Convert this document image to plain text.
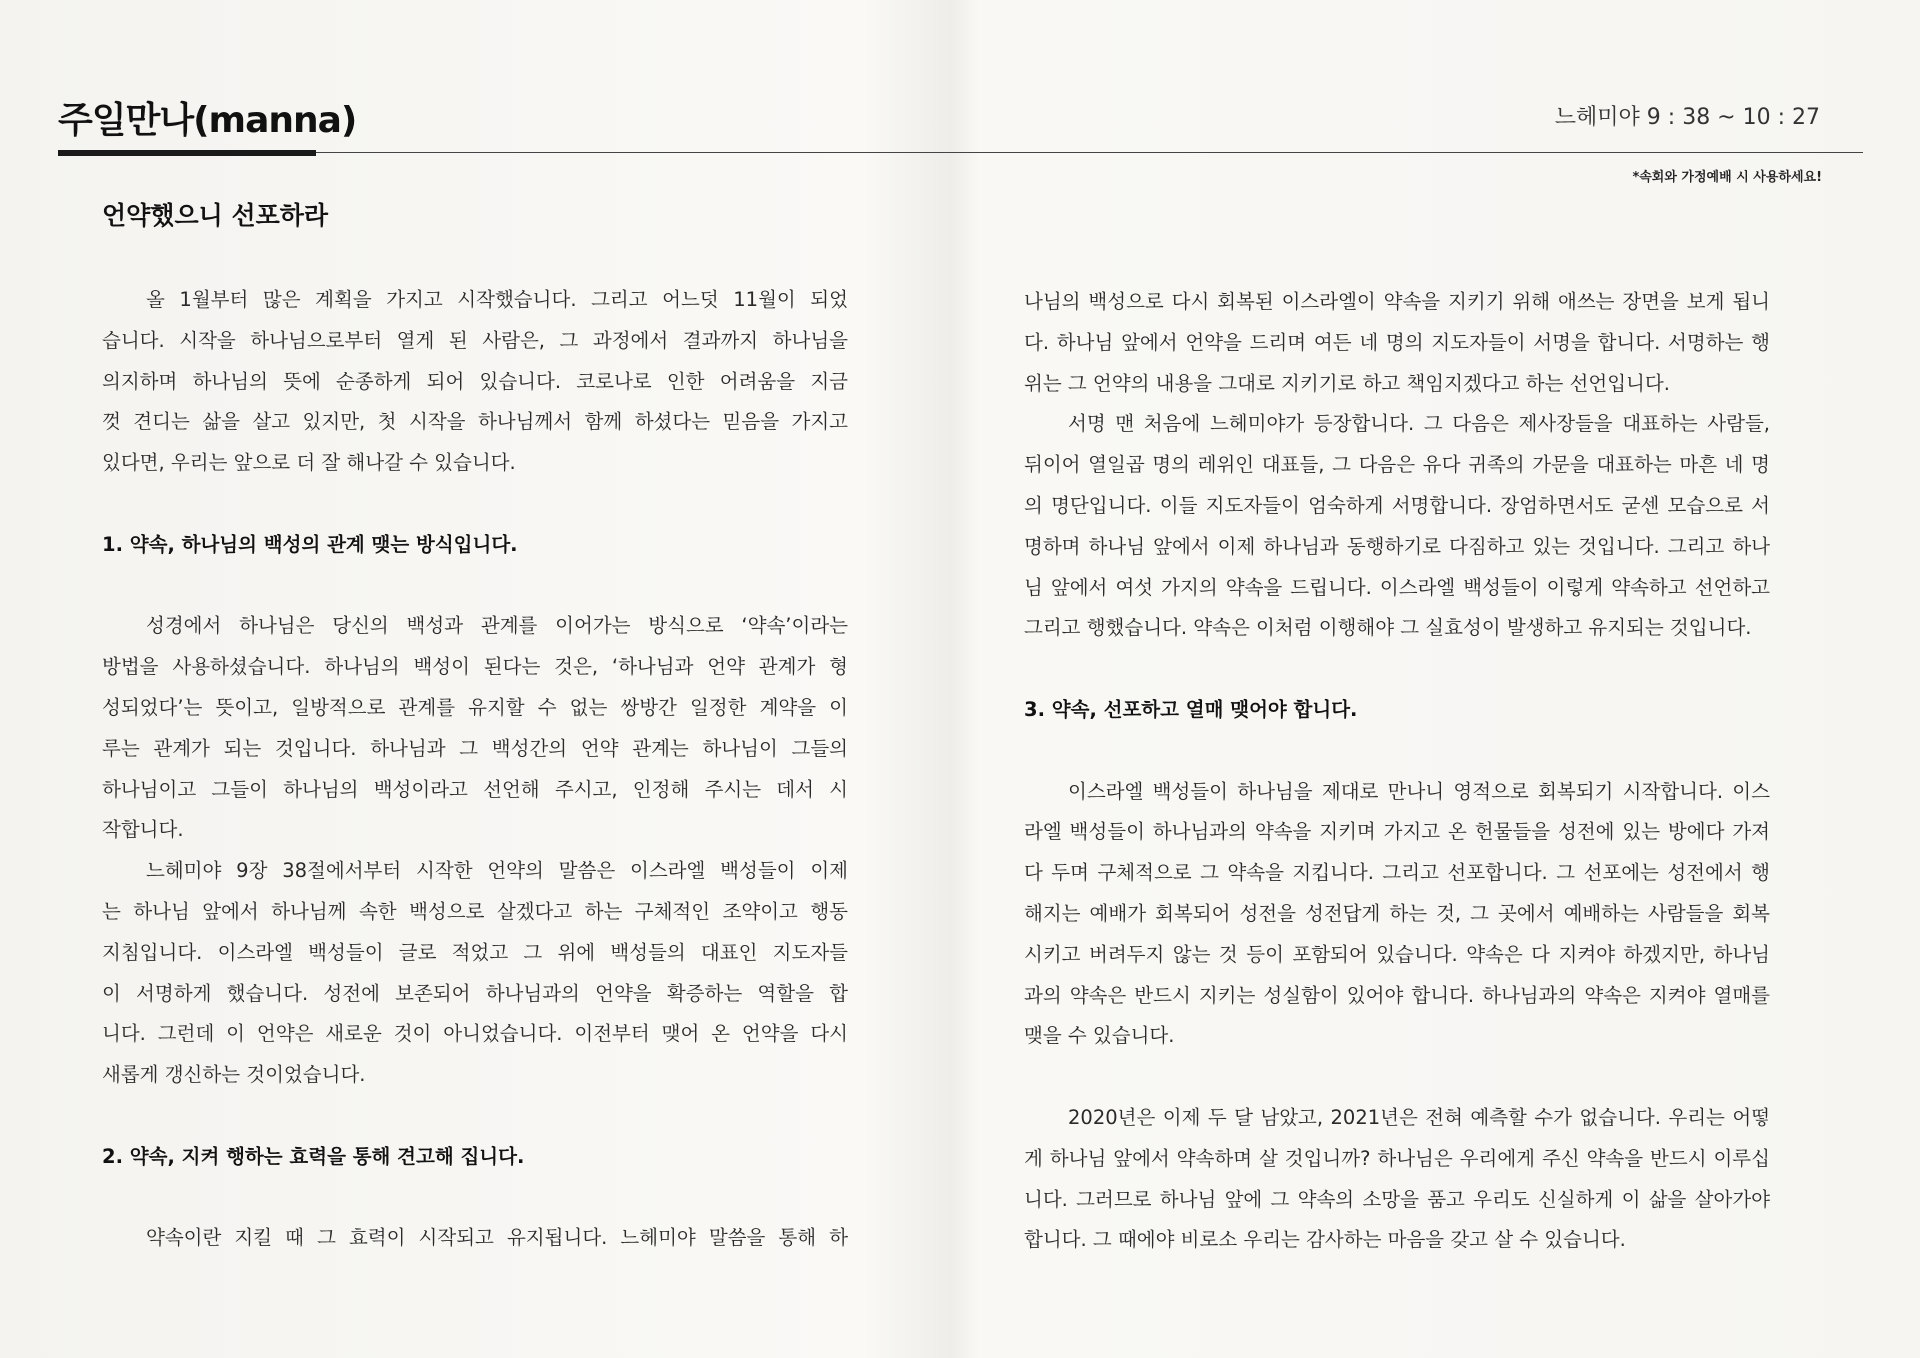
주일만나(manna)	느헤미야 9 : 38 ~ 10 : 27
*속회와 가정예배 시 사용하세요!
언약했으니 선포하라
올 1월부터 많은 계획을 가지고 시작했습니다. 그리고 어느덧 11월이 되었
습니다. 시작을 하나님으로부터 열게 된 사람은, 그 과정에서 결과까지 하나님을
의지하며 하나님의 뜻에 순종하게 되어 있습니다. 코로나로 인한 어려움을 지금
껏 견디는 삶을 살고 있지만, 첫 시작을 하나님께서 함께 하셨다는 믿음을 가지고
있다면, 우리는 앞으로 더 잘 해나갈 수 있습니다.
1. 약속, 하나님의 백성의 관계 맺는 방식입니다.
성경에서 하나님은 당신의 백성과 관계를 이어가는 방식으로 ‘약속’이라는
방법을 사용하셨습니다. 하나님의 백성이 된다는 것은, ‘하나님과 언약 관계가 형
성되었다’는 뜻이고, 일방적으로 관계를 유지할 수 없는 쌍방간 일정한 계약을 이
루는 관계가 되는 것입니다. 하나님과 그 백성간의 언약 관계는 하나님이 그들의
하나님이고 그들이 하나님의 백성이라고 선언해 주시고, 인정해 주시는 데서 시
작합니다.
느헤미야 9장 38절에서부터 시작한 언약의 말씀은 이스라엘 백성들이 이제
는 하나님 앞에서 하나님께 속한 백성으로 살겠다고 하는 구체적인 조약이고 행동
지침입니다. 이스라엘 백성들이 글로 적었고 그 위에 백성들의 대표인 지도자들
이 서명하게 했습니다. 성전에 보존되어 하나님과의 언약을 확증하는 역할을 합
니다. 그런데 이 언약은 새로운 것이 아니었습니다. 이전부터 맺어 온 언약을 다시
새롭게 갱신하는 것이었습니다.
2. 약속, 지켜 행하는 효력을 통해 견고해 집니다.
약속이란 지킬 때 그 효력이 시작되고 유지됩니다. 느헤미야 말씀을 통해 하
나님의 백성으로 다시 회복된 이스라엘이 약속을 지키기 위해 애쓰는 장면을 보게 됩니
다. 하나님 앞에서 언약을 드리며 여든 네 명의 지도자들이 서명을 합니다. 서명하는 행
위는 그 언약의 내용을 그대로 지키기로 하고 책임지겠다고 하는 선언입니다.
서명 맨 처음에 느헤미야가 등장합니다. 그 다음은 제사장들을 대표하는 사람들,
뒤이어 열일곱 명의 레위인 대표들, 그 다음은 유다 귀족의 가문을 대표하는 마흔 네 명
의 명단입니다. 이들 지도자들이 엄숙하게 서명합니다. 장엄하면서도 굳센 모습으로 서
명하며 하나님 앞에서 이제 하나님과 동행하기로 다짐하고 있는 것입니다. 그리고 하나
님 앞에서 여섯 가지의 약속을 드립니다. 이스라엘 백성들이 이렇게 약속하고 선언하고
그리고 행했습니다. 약속은 이처럼 이행해야 그 실효성이 발생하고 유지되는 것입니다.
3. 약속, 선포하고 열매 맺어야 합니다.
이스라엘 백성들이 하나님을 제대로 만나니 영적으로 회복되기 시작합니다. 이스
라엘 백성들이 하나님과의 약속을 지키며 가지고 온 헌물들을 성전에 있는 방에다 가져
다 두며 구체적으로 그 약속을 지킵니다. 그리고 선포합니다. 그 선포에는 성전에서 행
해지는 예배가 회복되어 성전을 성전답게 하는 것, 그 곳에서 예배하는 사람들을 회복
시키고 버려두지 않는 것 등이 포함되어 있습니다. 약속은 다 지켜야 하겠지만, 하나님
과의 약속은 반드시 지키는 성실함이 있어야 합니다. 하나님과의 약속은 지켜야 열매를
맺을 수 있습니다.
2020년은 이제 두 달 남았고, 2021년은 전혀 예측할 수가 없습니다. 우리는 어떻
게 하나님 앞에서 약속하며 살 것입니까? 하나님은 우리에게 주신 약속을 반드시 이루십
니다. 그러므로 하나님 앞에 그 약속의 소망을 품고 우리도 신실하게 이 삶을 살아가야
합니다. 그 때에야 비로소 우리는 감사하는 마음을 갖고 살 수 있습니다.
